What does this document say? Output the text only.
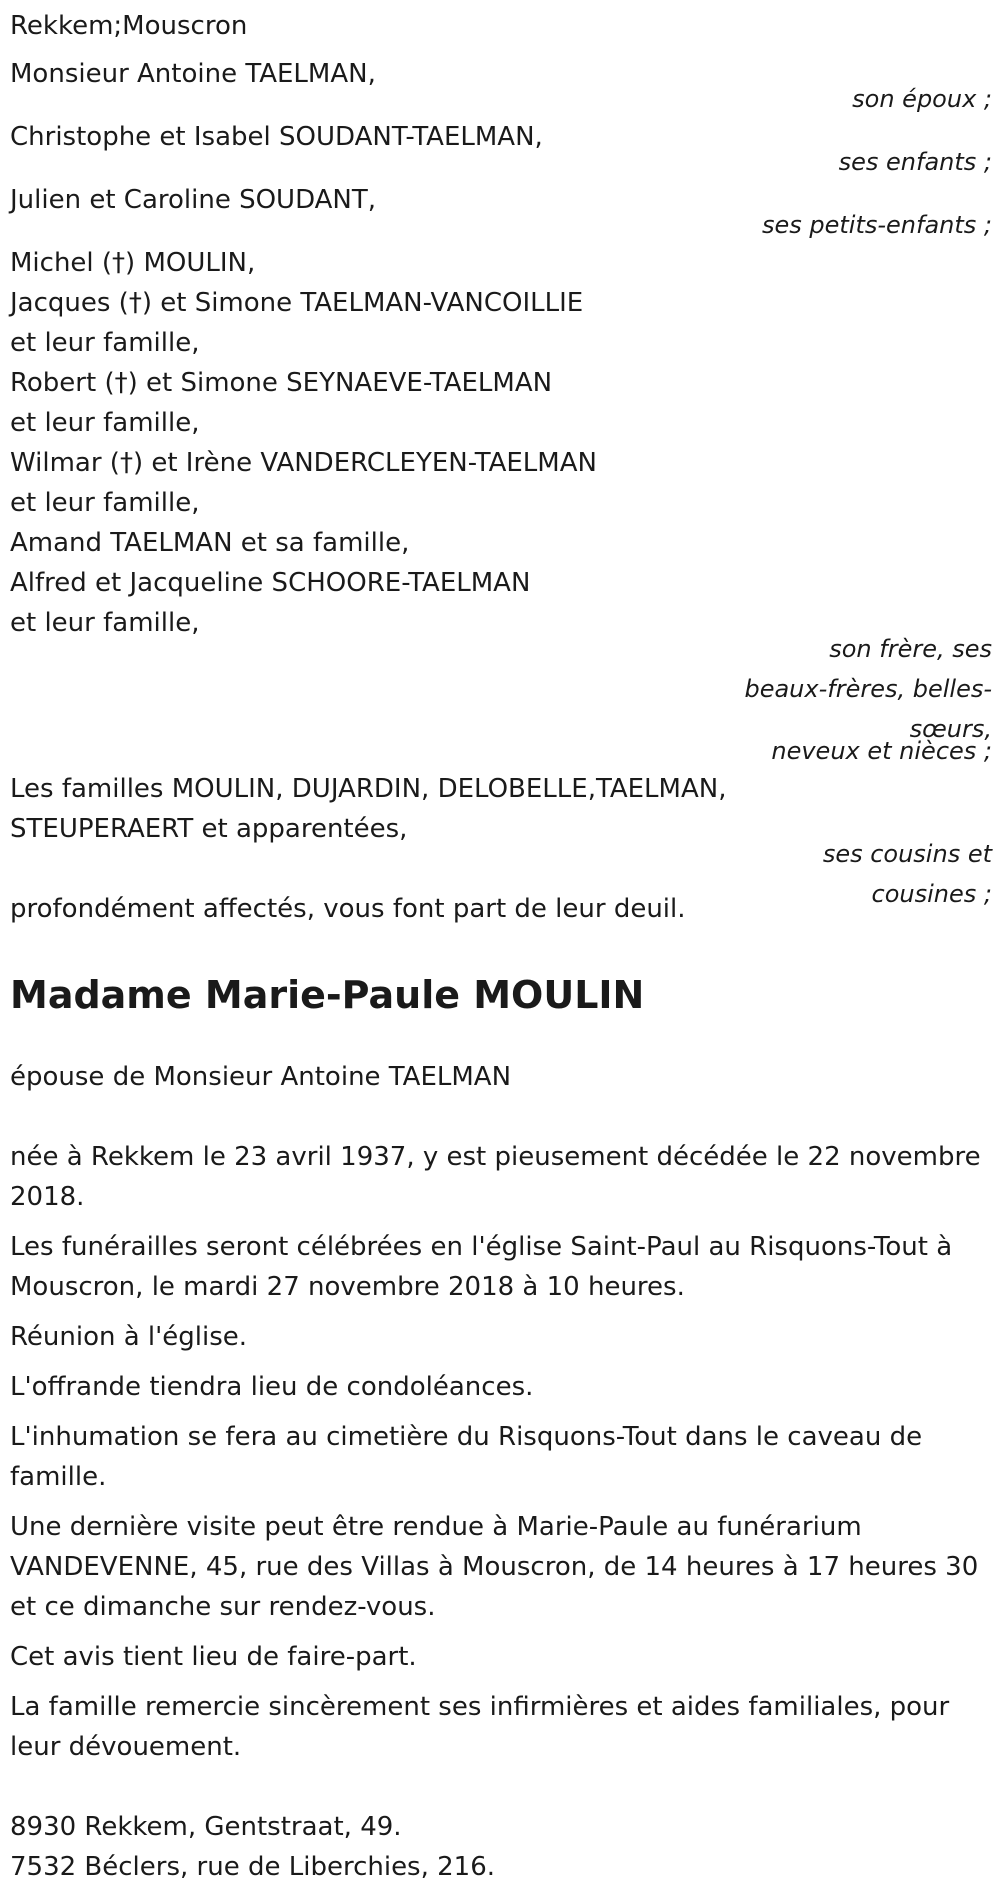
Rekkem;Mouscron
Monsieur Antoine TAELMAN,
son époux ;
Christophe et Isabel SOUDANT-TAELMAN,
ses enfants ;
Julien et Caroline SOUDANT,
ses petits-enfants ;
Michel (†) MOULIN,
Jacques (†) et Simone TAELMAN-VANCOILLIE
et leur famille,
Robert (†) et Simone SEYNAEVE-TAELMAN
et leur famille,
Wilmar (†) et Irène VANDERCLEYEN-TAELMAN
et leur famille,
Amand TAELMAN et sa famille,
Alfred et Jacqueline SCHOORE-TAELMAN
et leur famille,
son frère, ses
beaux-frères, belles-
sœurs,
neveux et nièces ;
Les familles MOULIN, DUJARDIN, DELOBELLE,TAELMAN,
STEUPERAERT et apparentées,
ses cousins et
cousines ;
profondément affectés, vous font part de leur deuil.
Madame Marie-Paule MOULIN
épouse de Monsieur Antoine TAELMAN
née à Rekkem le 23 avril 1937, y est pieusement décédée le 22 novembre 2018.
Les funérailles seront célébrées en l'église Saint-Paul au Risquons-Tout à Mouscron, le mardi 27 novembre 2018 à 10 heures.
Réunion à l'église.
L'offrande tiendra lieu de condoléances.
L'inhumation se fera au cimetière du Risquons-Tout dans le caveau de famille.
Une dernière visite peut être rendue à Marie-Paule au funérarium VANDEVENNE, 45, rue des Villas à Mouscron, de 14 heures à 17 heures 30 et ce dimanche sur rendez-vous.
Cet avis tient lieu de faire-part.
La famille remercie sincèrement ses infirmières et aides familiales, pour leur dévouement.
8930 Rekkem, Gentstraat, 49.
7532 Béclers, rue de Liberchies, 216.
